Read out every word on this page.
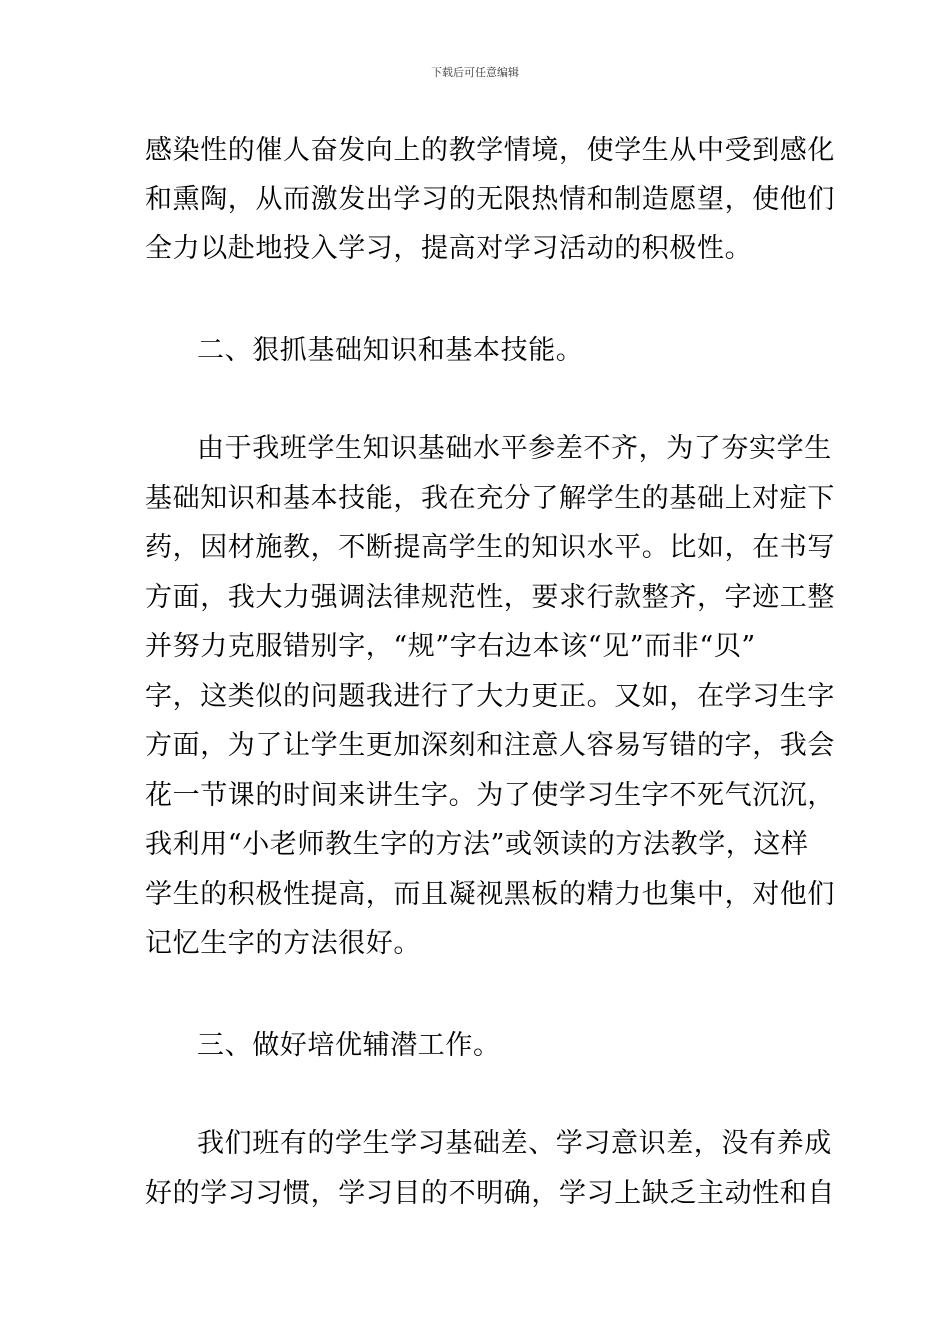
下载后可任意编辑
感染性的催人奋发向上的教学情境，使学生从中受到感化
和熏陶，从而激发出学习的无限热情和制造愿望，使他们
全力以赴地投入学习，提高对学习活动的积极性。
二、狠抓基础知识和基本技能。
由于我班学生知识基础水平参差不齐，为了夯实学生
基础知识和基本技能，我在充分了解学生的基础上对症下
药，因材施教，不断提高学生的知识水平。比如，在书写
方面，我大力强调法律规范性，要求行款整齐，字迹工整
并努力克服错别字，“规”字右边本该“见”而非“贝”
字，这类似的问题我进行了大力更正。又如，在学习生字
方面，为了让学生更加深刻和注意人容易写错的字，我会
花一节课的时间来讲生字。为了使学习生字不死气沉沉，
我利用“小老师教生字的方法”或领读的方法教学，这样
学生的积极性提高，而且凝视黑板的精力也集中，对他们
记忆生字的方法很好。
三、做好培优辅潜工作。
我们班有的学生学习基础差、学习意识差，没有养成
好的学习习惯，学习目的不明确，学习上缺乏主动性和自
